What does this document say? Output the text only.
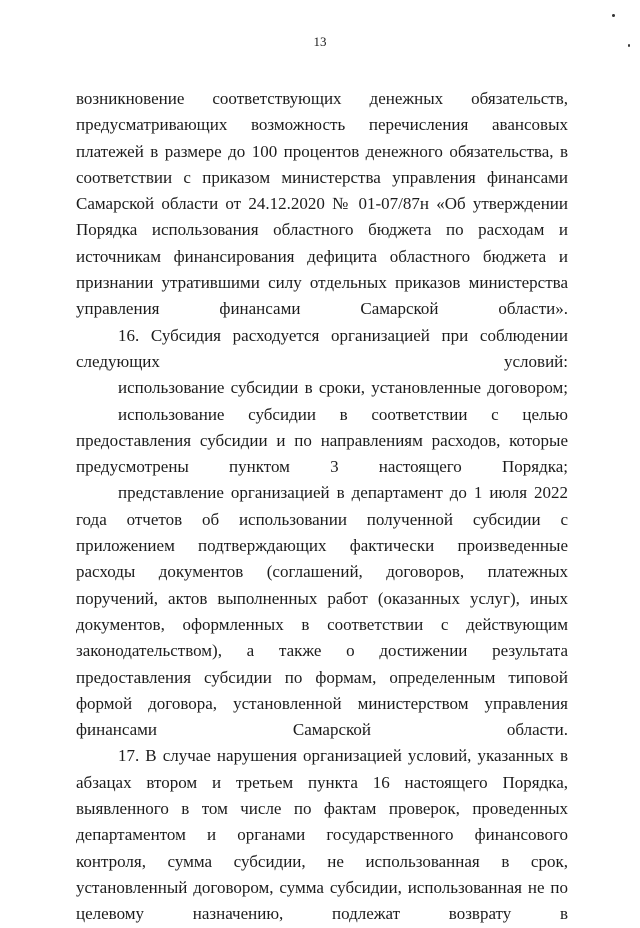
13

возникновение соответствующих денежных обязательств, предусматривающих возможность перечисления авансовых платежей в размере до 100 процентов денежного обязательства, в соответствии с приказом министерства управления финансами Самарской области от 24.12.2020 № 01-07/87н «Об утверждении Порядка использования областного бюджета по расходам и источникам финансирования дефицита областного бюджета и признании утратившими силу отдельных приказов министерства управления финансами Самарской области».

16. Субсидия расходуется организацией при соблюдении следующих условий:

использование субсидии в сроки, установленные договором;

использование субсидии в соответствии с целью предоставления субсидии и по направлениям расходов, которые предусмотрены пунктом 3 настоящего Порядка;

представление организацией в департамент до 1 июля 2022 года отчетов об использовании полученной субсидии с приложением подтверждающих фактически произведенные расходы документов (соглашений, договоров, платежных поручений, актов выполненных работ (оказанных услуг), иных документов, оформленных в соответствии с действующим законодательством), а также о достижении результата предоставления субсидии по формам, определенным типовой формой договора, установленной министерством управления финансами Самарской области.

17. В случае нарушения организацией условий, указанных в абзацах втором и третьем пункта 16 настоящего Порядка, выявленного в том числе по фактам проверок, проведенных департаментом и органами государственного финансового контроля, сумма субсидии, не использованная в срок, установленный договором, сумма субсидии, использованная не по целевому назначению, подлежат возврату в
